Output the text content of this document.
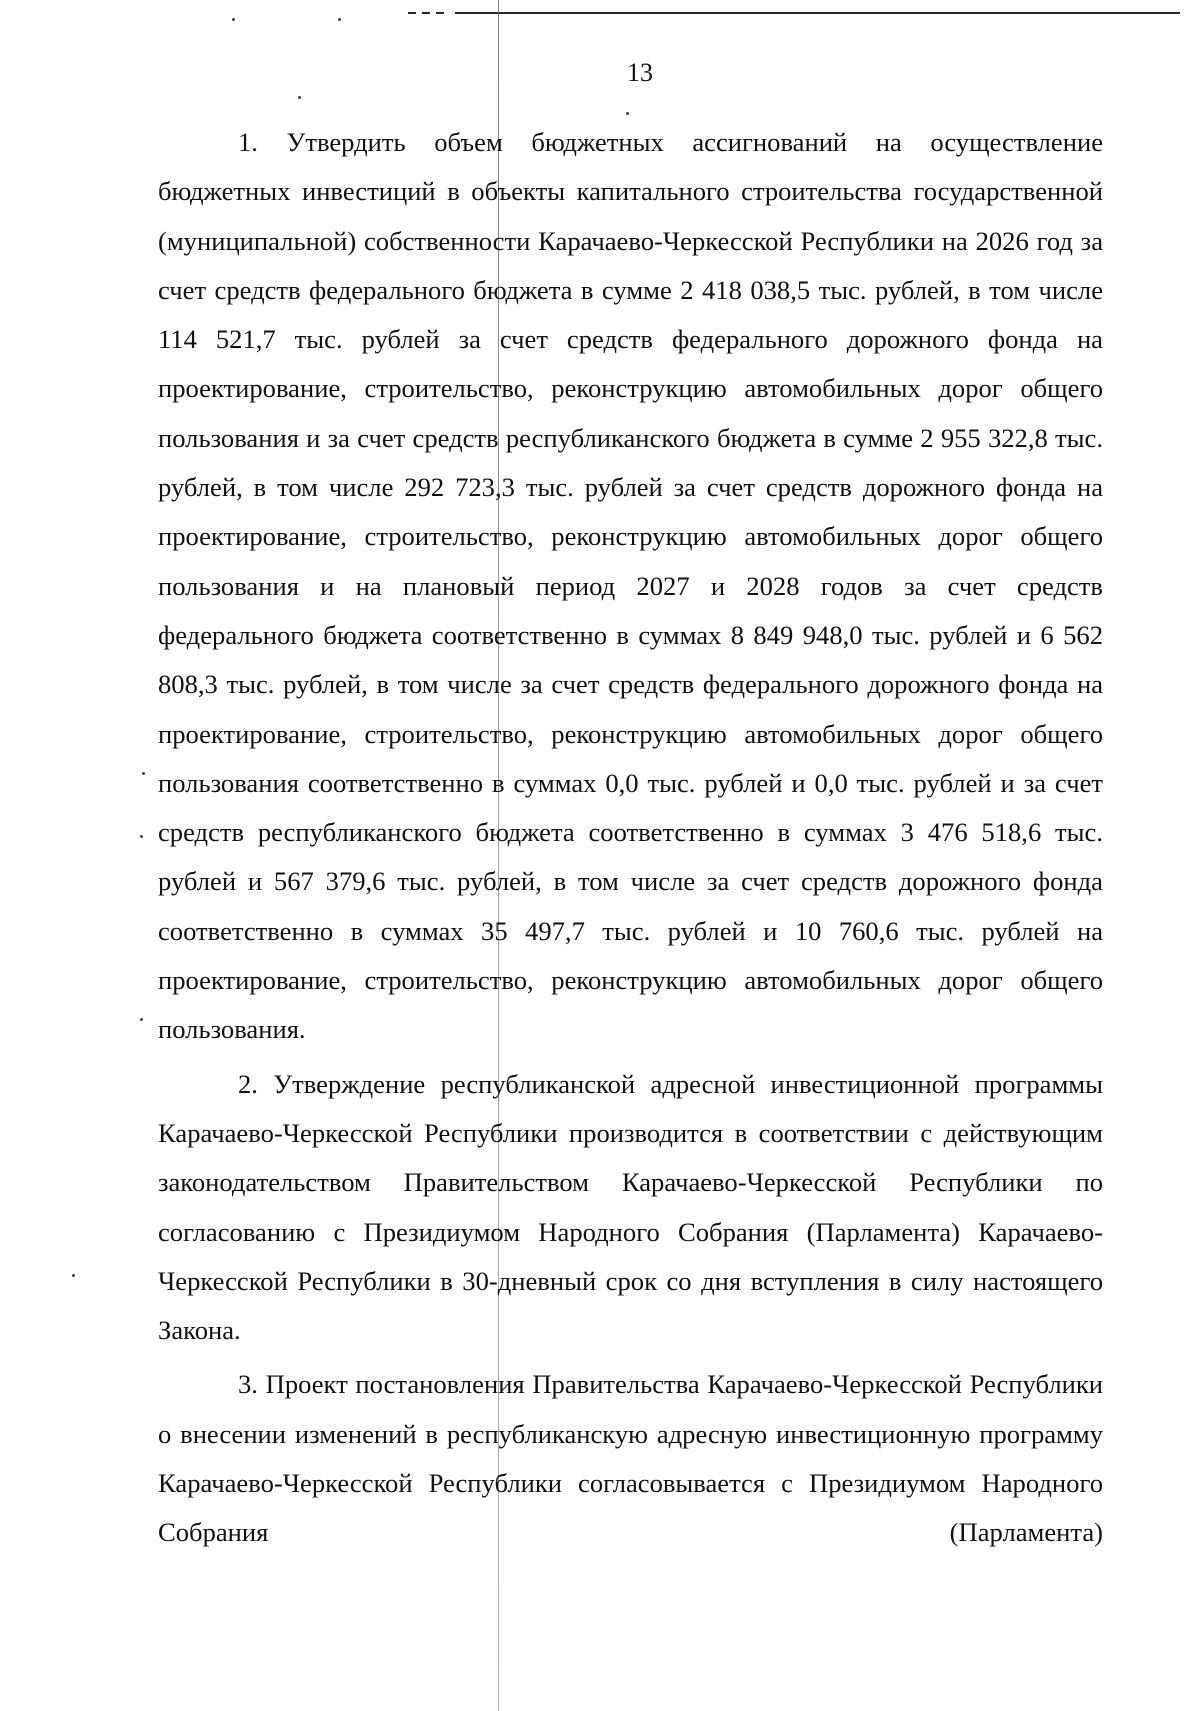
13

1. Утвердить объем бюджетных ассигнований на осуществление бюджетных инвестиций в объекты капитального строительства государственной (муниципальной) собственности Карачаево-Черкесской Республики на 2026 год за счет средств федерального бюджета в сумме 2 418 038,5 тыс. рублей, в том числе 114 521,7 тыс. рублей за счет средств федерального дорожного фонда на проектирование, строительство, реконструкцию автомобильных дорог общего пользования и за счет средств республиканского бюджета в сумме 2 955 322,8 тыс. рублей, в том числе 292 723,3 тыс. рублей за счет средств дорожного фонда на проектирование, строительство, реконструкцию автомобильных дорог общего пользования и на плановый период 2027 и 2028 годов за счет средств федерального бюджета соответственно в суммах 8 849 948,0 тыс. рублей и 6 562 808,3 тыс. рублей, в том числе за счет средств федерального дорожного фонда на проектирование, строительство, реконструкцию автомобильных дорог общего пользования соответственно в суммах 0,0 тыс. рублей и 0,0 тыс. рублей и за счет средств республиканского бюджета соответственно в суммах 3 476 518,6 тыс. рублей и 567 379,6 тыс. рублей, в том числе за счет средств дорожного фонда соответственно в суммах 35 497,7 тыс. рублей и 10 760,6 тыс. рублей на проектирование, строительство, реконструкцию автомобильных дорог общего пользования.

2. Утверждение республиканской адресной инвестиционной программы Карачаево-Черкесской Республики производится в соответствии с действующим законодательством Правительством Карачаево-Черкесской Республики по согласованию с Президиумом Народного Собрания (Парламента) Карачаево-Черкесской Республики в 30-дневный срок со дня вступления в силу настоящего Закона.

3. Проект постановления Правительства Карачаево-Черкесской Республики о внесении изменений в республиканскую адресную инвестиционную программу Карачаево-Черкесской Республики согласовывается с Президиумом Народного Собрания (Парламента)
